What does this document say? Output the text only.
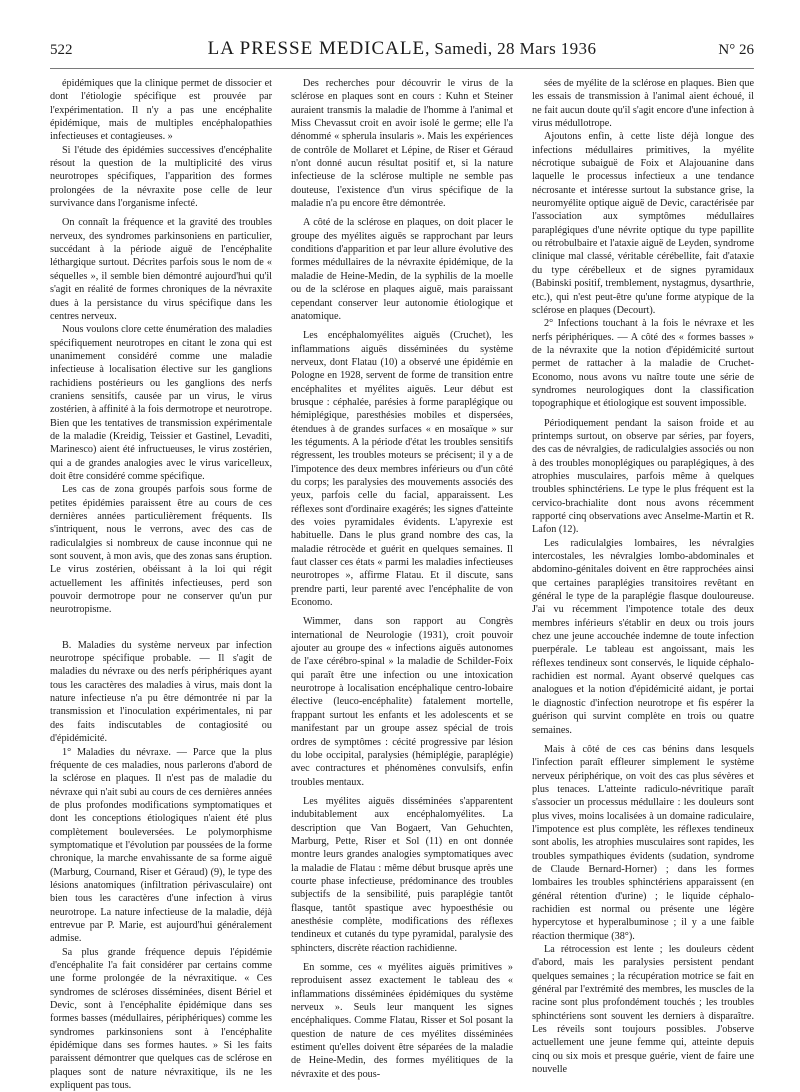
522	LA PRESSE MEDICALE, Samedi, 28 Mars 1936	N° 26

épidémiques que la clinique permet de dissocier et dont l'étiologie spécifique est prouvée par l'expérimentation. Il n'y a pas une encéphalite épidémique, mais de multiples encéphalopathies infectieuses et contagieuses. »

Si l'étude des épidémies successives d'encéphalite résout la question de la multiplicité des virus neurotropes spécifiques, l'apparition des formes prolongées de la névraxite pose celle de leur survivance dans l'organisme infecté.

On connaît la fréquence et la gravité des troubles nerveux, des syndromes parkinsoniens en particulier, succédant à la période aiguë de l'encéphalite léthargique surtout. Décrites parfois sous le nom de « séquelles », il semble bien démontré aujourd'hui qu'il s'agit en réalité de formes chroniques de la névraxite dues à la persistance du virus spécifique dans les centres nerveux.

Nous voulons clore cette énumération des maladies spécifiquement neurotropes en citant le zona qui est unanimement considéré comme une maladie infectieuse à localisation élective sur les ganglions rachidiens postérieurs ou les ganglions des nerfs craniens sensitifs, causée par un virus, le virus zostérien, à affinité à la fois dermotrope et neurotrope. Bien que les tentatives de transmission expérimentale de la maladie (Kreidig, Teissier et Gastinel, Levaditi, Marinesco) aient été infructueuses, le virus zostérien, qui a de grandes analogies avec le virus varicelleux, doit être considéré comme spécifique.

Les cas de zona groupés parfois sous forme de petites épidémies paraissent être au cours de ces dernières années particulièrement fréquents. Ils s'intriquent, nous le verrons, avec des cas de radiculalgies si nombreux de cause inconnue qui ne sont souvent, à mon avis, que des zonas sans éruption. Le virus zostérien, obéissant à la loi qui régit actuellement les affinités infectieuses, perd son pouvoir dermotrope pour ne conserver qu'un pur neurotropisme.

B. Maladies du système nerveux par infection neurotrope spécifique probable. — Il s'agit de maladies du névraxe ou des nerfs périphériques ayant tous les caractères des maladies à virus, mais dont la nature infectieuse n'a pu être démontrée ni par la transmission et l'inoculation expérimentales, ni par des faits indiscutables de contagiosité ou d'épidémicité.

1° Maladies du névraxe. — Parce que la plus fréquente de ces maladies, nous parlerons d'abord de la sclérose en plaques. Il n'est pas de maladie du névraxe qui n'ait subi au cours de ces dernières années de plus profondes modifications symptomatiques et dont les conceptions étiologiques n'aient été plus complètement bouleversées. Le polymorphisme symptomatique et l'évolution par poussées de la forme chronique, la marche envahissante de sa forme aiguë (Marburg, Cournand, Riser et Géraud) (9), le type des lésions anatomiques (infiltration périvasculaire) ont bien tous les caractères d'une infection à virus neurotrope. La nature infectieuse de la maladie, déjà entrevue par P. Marie, est aujourd'hui généralement admise.

Sa plus grande fréquence depuis l'épidémie d'encéphalite l'a fait considérer par certains comme une forme prolongée de la névraxitique. « Ces syndromes de scléroses disséminées, disent Bériel et Devic, sont à l'encéphalite épidémique dans ses formes basses (médullaires, périphériques) comme les syndromes parkinsoniens sont à l'encéphalite épidémique dans ses formes hautes. » Si les faits paraissent démontrer que quelques cas de sclérose en plaques sont de nature névraxitique, ils ne les expliquent pas tous.

Des recherches pour découvrir le virus de la sclérose en plaques sont en cours : Kuhn et Steiner auraient transmis la maladie de l'homme à l'animal et Miss Chevassut croit en avoir isolé le germe; elle l'a dénommé « spherula insularis ». Mais les expériences de contrôle de Mollaret et Lépine, de Riser et Géraud n'ont donné aucun résultat positif et, si la nature infectieuse de la sclérose multiple ne semble pas douteuse, l'existence d'un virus spécifique de la maladie n'a pu encore être démontrée.

A côté de la sclérose en plaques, on doit placer le groupe des myélites aiguës se rapprochant par leurs conditions d'apparition et par leur allure évolutive des formes médullaires de la névraxite épidémique, de la maladie de Heine-Medin, de la syphilis de la moelle ou de la sclérose en plaques aiguë, mais paraissant cependant conserver leur autonomie étiologique et anatomique.

Les encéphalomyélites aiguës (Cruchet), les inflammations aiguës disséminées du système nerveux, dont Flatau (10) a observé une épidémie en Pologne en 1928, servent de forme de transition entre encéphalites et myélites aiguës. Leur début est brusque : céphalée, parésies à forme paraplégique ou hémiplégique, paresthésies mobiles et dispersées, étendues à de grandes surfaces « en mosaïque » sur les téguments. A la période d'état les troubles sensitifs régressent, les troubles moteurs se précisent; il y a de l'impotence des deux membres inférieurs ou d'un côté du corps; les paralysies des mouvements associés des yeux, parfois celle du facial, apparaissent. Les réflexes sont d'ordinaire exagérés; les signes d'atteinte des voies pyramidales évidents. L'apyrexie est habituelle. Dans le plus grand nombre des cas, la maladie rétrocède et guérit en quelques semaines. Il faut classer ces états « parmi les maladies infectieuses neurotropes », affirme Flatau. Et il discute, sans prendre parti, leur parenté avec l'encéphalite de von Economo.

Wimmer, dans son rapport au Congrès international de Neurologie (1931), croit pouvoir ajouter au groupe des « infections aiguës autonomes de l'axe cérébro-spinal » la maladie de Schilder-Foix qui paraît être une infection ou une intoxication neurotrope à localisation encéphalique centro-lobaire élective (leuco-encéphalite) fatalement mortelle, frappant surtout les enfants et les adolescents et se manifestant par un groupe assez spécial de trois ordres de symptômes : cécité progressive par lésion du lobe occipital, paralysies (hémiplégie, paraplégie) avec contractures et phénomènes convulsifs, enfin troubles mentaux.

Les myélites aiguës disséminées s'apparentent indubitablement aux encéphalomyélites. La description que Van Bogaert, Van Gehuchten, Marburg, Pette, Riser et Sol (11) en ont donnée montre leurs grandes analogies symptomatiques avec la maladie de Flatau : même début brusque après une courte phase infectieuse, prédominance des troubles subjectifs de la sensibilité, puis paraplégie tantôt flasque, tantôt spastique avec hypoesthésie ou anesthésie complète, modifications des réflexes tendineux et cutanés du type pyramidal, paralysie des sphincters, discrète réaction rachidienne.

En somme, ces « myélites aiguës primitives » reproduisent assez exactement le tableau des « inflammations disséminées épidémiques du système nerveux ». Seuls leur manquent les signes encéphaliques. Comme Flatau, Risser et Sol posant la question de nature de ces myélites disséminées estiment qu'elles doivent être séparées de la maladie de Heine-Medin, des formes myélitiques de la névraxite et des pous-

sées de myélite de la sclérose en plaques. Bien que les essais de transmission à l'animal aient échoué, il ne fait aucun doute qu'il s'agit encore d'une infection à virus médullotrope.

Ajoutons enfin, à cette liste déjà longue des infections médullaires primitives, la myélite nécrotique subaiguë de Foix et Alajouanine dans laquelle le processus infectieux a une tendance nécrosante et intéresse surtout la substance grise, la neuromyélite optique aiguë de Devic, caractérisée par l'association aux symptômes médullaires paraplégiques d'une névrite optique du type papillite ou rétrobulbaire et l'ataxie aiguë de Leyden, syndrome clinique mal classé, véritable cérébellite, fait d'ataxie du type cérébelleux et de signes pyramidaux (Babinski positif, tremblement, nystagmus, dysarthrie, etc.), qui n'est peut-être qu'une forme atypique de la sclérose en plaques (Decourt).

2° Infections touchant à la fois le névraxe et les nerfs périphériques. — A côté des « formes basses » de la névraxite que la notion d'épidémicité surtout permet de rattacher à la maladie de Cruchet-Economo, nous avons vu naître toute une série de syndromes neurologiques dont la classification topographique et étiologique est souvent impossible.

Périodiquement pendant la saison froide et au printemps surtout, on observe par séries, par foyers, des cas de névralgies, de radiculalgies associés ou non à des troubles monoplégiques ou paraplégiques, à des atrophies musculaires, parfois même à quelques troubles sphinctériens. Le type le plus fréquent est la cervico-brachialite dont nous avons récemment rapporté cinq observations avec Anselme-Martin et R. Lafon (12).

Les radiculalgies lombaires, les névralgies intercostales, les névralgies lombo-abdominales et abdomino-génitales doivent en être rapprochées ainsi que certaines paraplégies transitoires revêtant en général le type de la paraplégie flasque douloureuse. J'ai vu récemment l'impotence totale des deux membres inférieurs s'établir en deux ou trois jours chez une jeune accouchée indemne de toute infection puerpérale. Le tableau est angoissant, mais les réflexes tendineux sont conservés, le liquide céphalo-rachidien est normal. Ayant observé quelques cas analogues et la notion d'épidémicité aidant, je portai le diagnostic d'infection neurotrope et fis espérer la guérison qui survint complète en trois ou quatre semaines.

Mais à côté de ces cas bénins dans lesquels l'infection paraît effleurer simplement le système nerveux périphérique, on voit des cas plus sévères et plus tenaces. L'atteinte radiculo-névritique paraît s'associer un processus médullaire : les douleurs sont plus vives, moins localisées à un domaine radiculaire, l'impotence est plus complète, les réflexes tendineux sont abolis, les atrophies musculaires sont rapides, les troubles sympathiques évidents (sudation, syndrome de Claude Bernard-Horner) ; dans les formes lombaires les troubles sphinctériens apparaissent (en général rétention d'urine) ; le liquide céphalo-rachidien est normal ou présente une légère hypercytose et hyperalbuminose ; il y a une faible réaction thermique (38°).

La rétrocession est lente ; les douleurs cèdent d'abord, mais les paralysies persistent pendant quelques semaines ; la récupération motrice se fait en général par l'extrémité des membres, les muscles de la racine sont plus profondément touchés ; les troubles sphinctériens sont souvent les derniers à disparaître. Les réveils sont toujours possibles. J'observe actuellement une jeune femme qui, atteinte depuis cinq ou six mois et presque guérie, vient de faire une nouvelle
